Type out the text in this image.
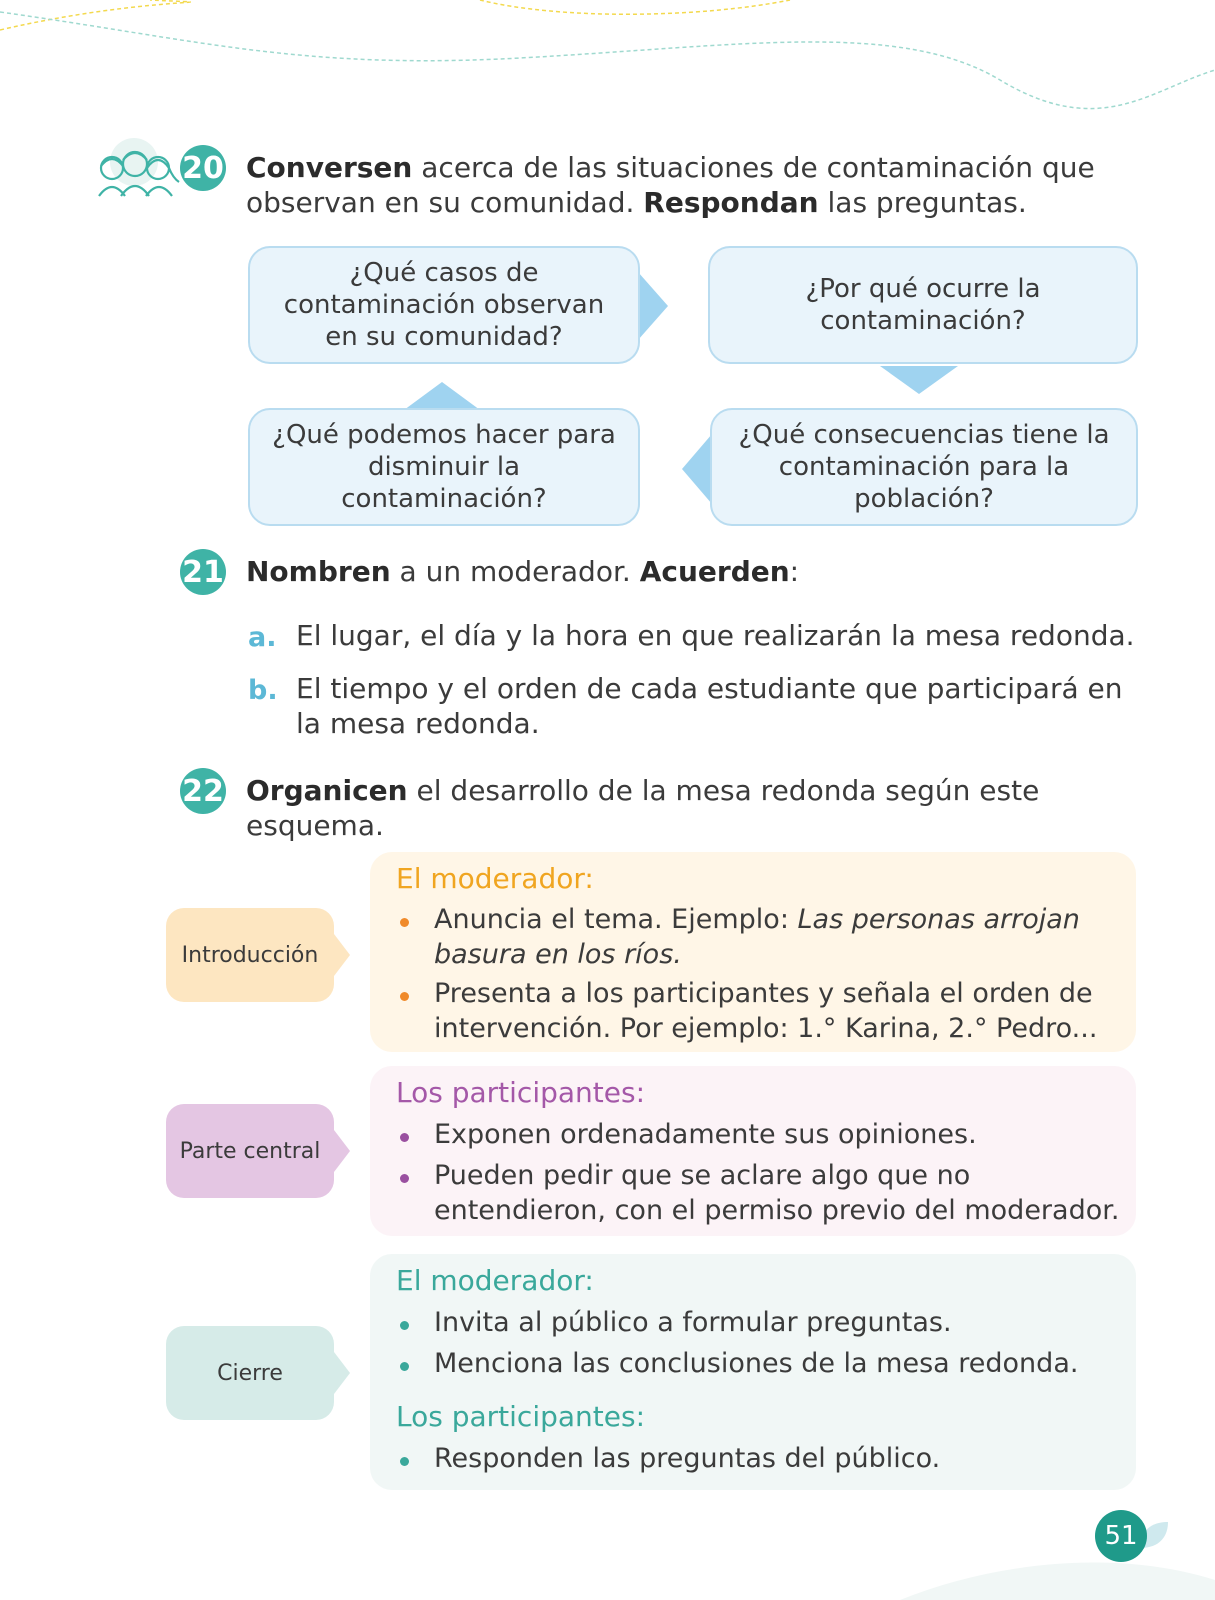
20 Conversen acerca de las situaciones de contaminación que observan en su comunidad. Respondan las preguntas.
¿Qué casos de contaminación observan en su comunidad?
¿Por qué ocurre la contaminación?
¿Qué consecuencias tiene la contaminación para la población?
¿Qué podemos hacer para disminuir la contaminación?
21 Nombren a un moderador. Acuerden:
a. El lugar, el día y la hora en que realizarán la mesa redonda.
b. El tiempo y el orden de cada estudiante que participará en la mesa redonda.
22 Organicen el desarrollo de la mesa redonda según este esquema.
Introducción
El moderador:
Anuncia el tema. Ejemplo: Las personas arrojan basura en los ríos.
Presenta a los participantes y señala el orden de intervención. Por ejemplo: 1.° Karina, 2.° Pedro...
Parte central
Los participantes:
Exponen ordenadamente sus opiniones.
Pueden pedir que se aclare algo que no entendieron, con el permiso previo del moderador.
Cierre
El moderador:
Invita al público a formular preguntas.
Menciona las conclusiones de la mesa redonda.
Los participantes:
Responden las preguntas del público.
51
